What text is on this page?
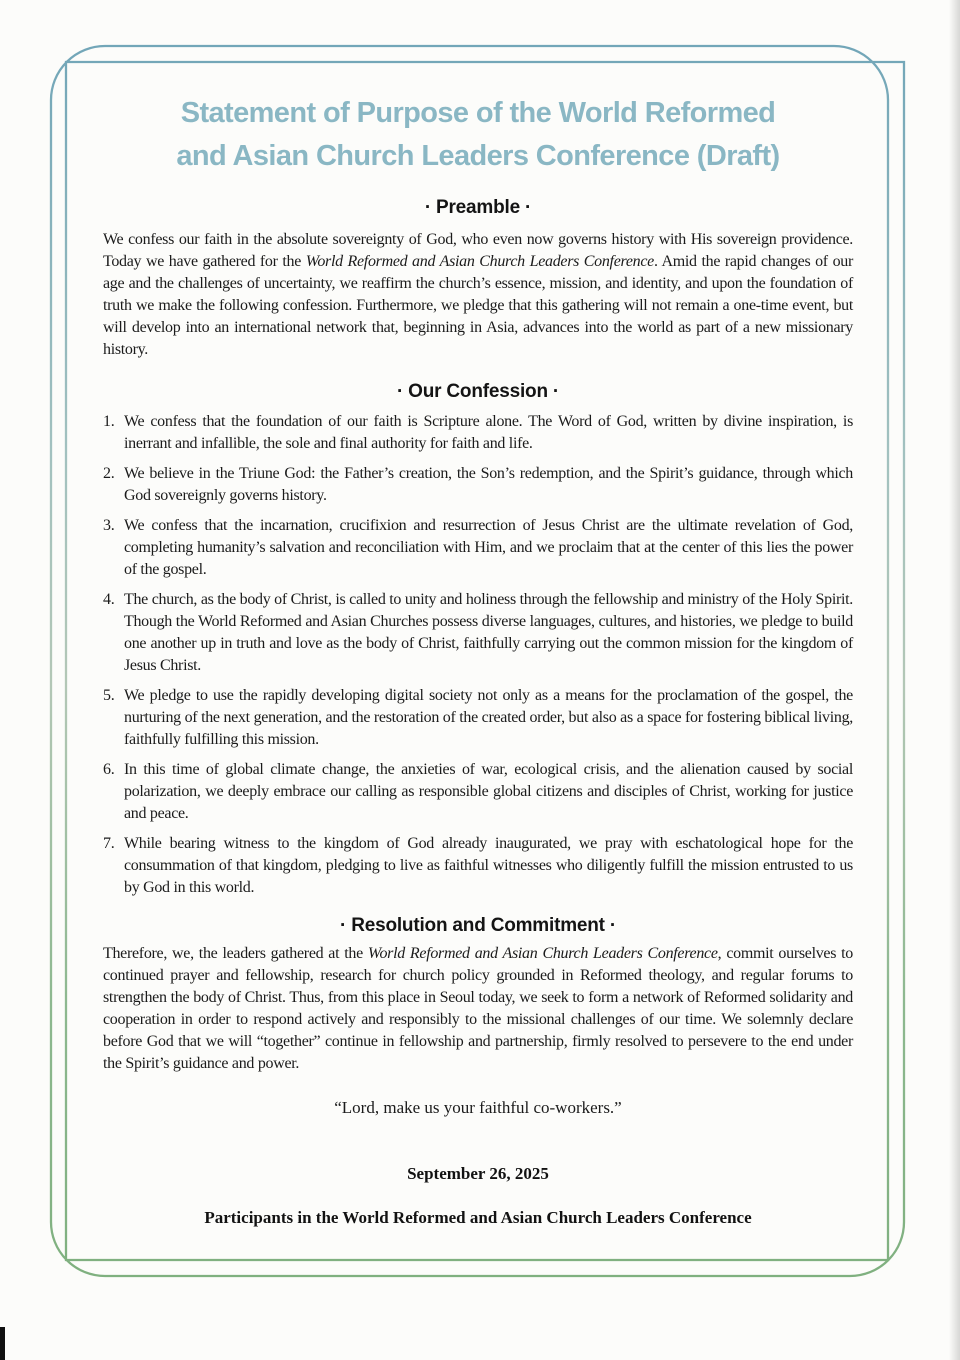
Statement of Purpose of the World Reformed
and Asian Church Leaders Conference (Draft)
· Preamble ·

We confess our faith in the absolute sovereignty of God, who even now governs history with His sovereign providence. Today we have gathered for the World Reformed and Asian Church Leaders Conference. Amid the rapid changes of our age and the challenges of uncertainty, we reaffirm the church’s essence, mission, and identity, and upon the foundation of truth we make the following confession. Furthermore, we pledge that this gathering will not remain a one-time event, but will develop into an international network that, beginning in Asia, advances into the world as part of a new missionary history.

· Our Confession ·
1. We confess that the foundation of our faith is Scripture alone. The Word of God, written by divine inspiration, is inerrant and infallible, the sole and final authority for faith and life.
2. We believe in the Triune God: the Father’s creation, the Son’s redemption, and the Spirit’s guidance, through which God sovereignly governs history.
3. We confess that the incarnation, crucifixion and resurrection of Jesus Christ are the ultimate revelation of God, completing humanity’s salvation and reconciliation with Him, and we proclaim that at the center of this lies the power of the gospel.
4. The church, as the body of Christ, is called to unity and holiness through the fellowship and ministry of the Holy Spirit. Though the World Reformed and Asian Churches possess diverse languages, cultures, and histories, we pledge to build one another up in truth and love as the body of Christ, faithfully carrying out the common mission for the kingdom of Jesus Christ.
5. We pledge to use the rapidly developing digital society not only as a means for the proclamation of the gospel, the nurturing of the next generation, and the restoration of the created order, but also as a space for fostering biblical living, faithfully fulfilling this mission.
6. In this time of global climate change, the anxieties of war, ecological crisis, and the alienation caused by social polarization, we deeply embrace our calling as responsible global citizens and disciples of Christ, working for justice and peace.
7. While bearing witness to the kingdom of God already inaugurated, we pray with eschatological hope for the consummation of that kingdom, pledging to live as faithful witnesses who diligently fulfill the mission entrusted to us by God in this world.
· Resolution and Commitment ·

Therefore, we, the leaders gathered at the World Reformed and Asian Church Leaders Conference, commit ourselves to continued prayer and fellowship, research for church policy grounded in Reformed theology, and regular forums to strengthen the body of Christ. Thus, from this place in Seoul today, we seek to form a network of Reformed solidarity and cooperation in order to respond actively and responsibly to the missional challenges of our time. We solemnly declare before God that we will “together” continue in fellowship and partnership, firmly resolved to persevere to the end under the Spirit’s guidance and power.

“Lord, make us your faithful co-workers.”

September 26, 2025

Participants in the World Reformed and Asian Church Leaders Conference
